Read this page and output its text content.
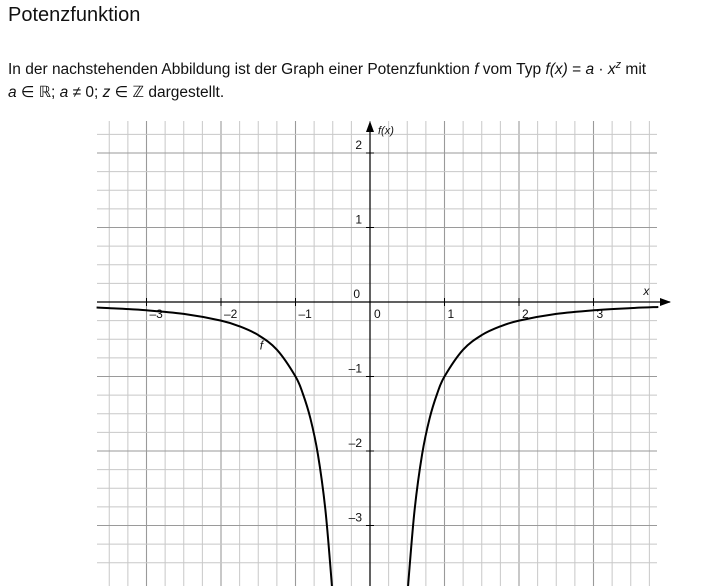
Potenzfunktion

In der nachstehenden Abbildung ist der Graph einer Potenzfunktion f vom Typ $f(x) = a \cdot x^z$ mit
a ∈ ℝ; a ≠ 0; z ∈ ℤ dargestellt.

–3	–2	–1	1	2	3
2
1
–1
–2
–3
0
0
x
f(x)
f
